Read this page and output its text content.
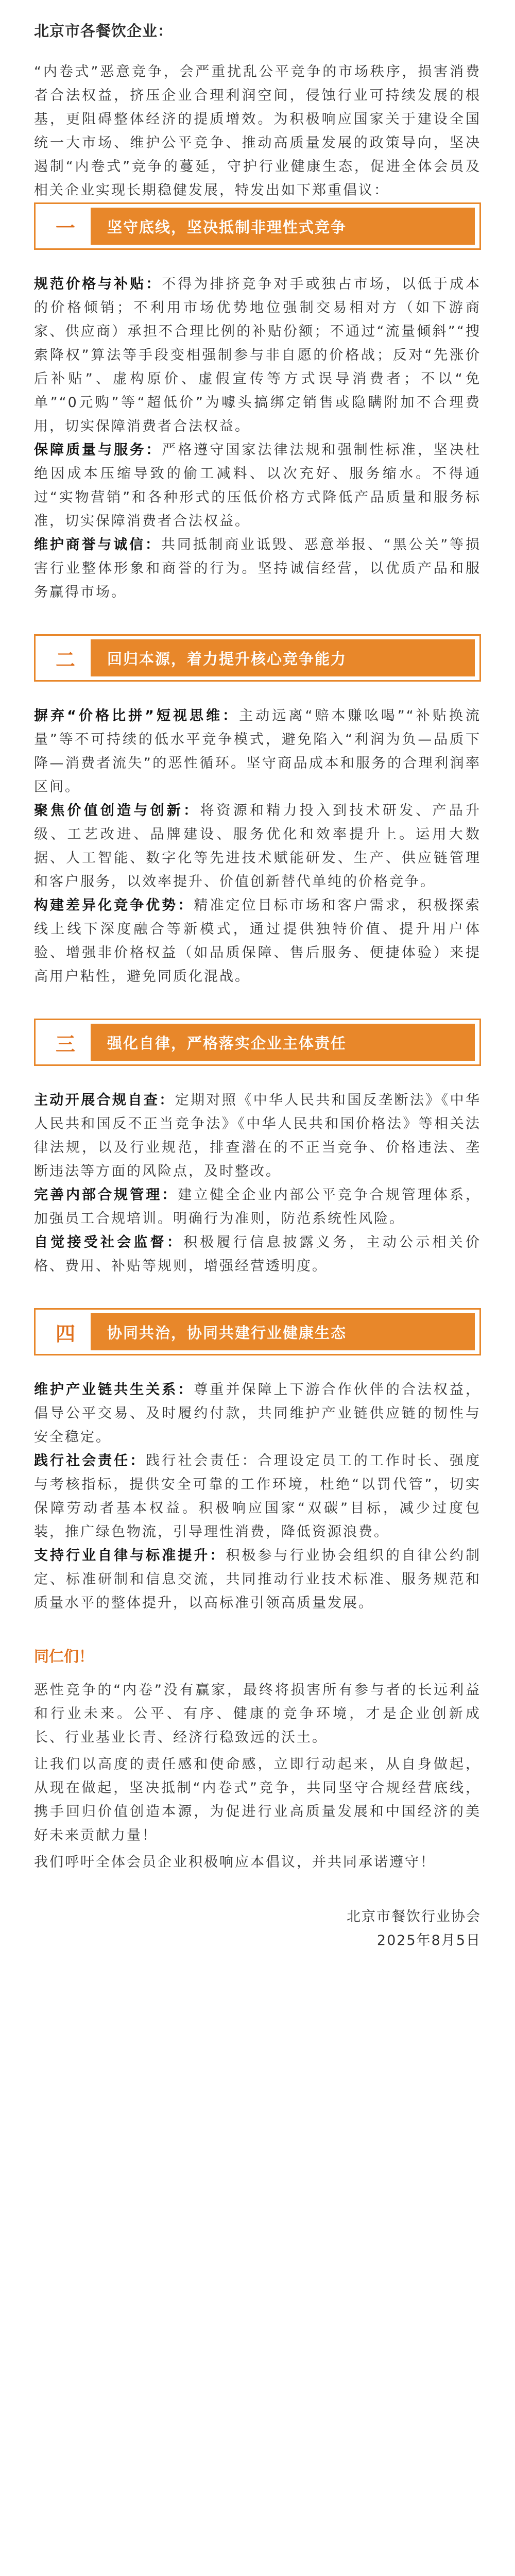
北京市各餐饮企业：

“内卷式”恶意竞争，会严重扰乱公平竞争的市场秩序，损害消费者合法权益，挤压企业合理利润空间，侵蚀行业可持续发展的根基，更阻碍整体经济的提质增效。为积极响应国家关于建设全国统一大市场、维护公平竞争、推动高质量发展的政策导向，坚决遏制“内卷式”竞争的蔓延，守护行业健康生态，促进全体会员及相关企业实现长期稳健发展，特发出如下郑重倡议：

一	坚守底线，坚决抵制非理性式竞争

规范价格与补贴：不得为排挤竞争对手或独占市场，以低于成本的价格倾销；不利用市场优势地位强制交易相对方（如下游商家、供应商）承担不合理比例的补贴份额；不通过“流量倾斜”“搜索降权”算法等手段变相强制参与非自愿的价格战；反对“先涨价后补贴”、虚构原价、虚假宣传等方式误导消费者；不以“免单”“0元购”等“超低价”为噱头搞绑定销售或隐瞒附加不合理费用，切实保障消费者合法权益。

保障质量与服务：严格遵守国家法律法规和强制性标准，坚决杜绝因成本压缩导致的偷工减料、以次充好、服务缩水。不得通过“实物营销”和各种形式的压低价格方式降低产品质量和服务标准，切实保障消费者合法权益。

维护商誉与诚信：共同抵制商业诋毁、恶意举报、“黑公关”等损害行业整体形象和商誉的行为。坚持诚信经营，以优质产品和服务赢得市场。

二	回归本源，着力提升核心竞争能力

摒弃“价格比拼”短视思维：主动远离“赔本赚吆喝”“补贴换流量”等不可持续的低水平竞争模式，避免陷入“利润为负—品质下降—消费者流失”的恶性循环。坚守商品成本和服务的合理利润率区间。

聚焦价值创造与创新：将资源和精力投入到技术研发、产品升级、工艺改进、品牌建设、服务优化和效率提升上。运用大数据、人工智能、数字化等先进技术赋能研发、生产、供应链管理和客户服务，以效率提升、价值创新替代单纯的价格竞争。

构建差异化竞争优势：精准定位目标市场和客户需求，积极探索线上线下深度融合等新模式，通过提供独特价值、提升用户体验、增强非价格权益（如品质保障、售后服务、便捷体验）来提高用户粘性，避免同质化混战。

三	强化自律，严格落实企业主体责任

主动开展合规自查：定期对照《中华人民共和国反垄断法》《中华人民共和国反不正当竞争法》《中华人民共和国价格法》等相关法律法规，以及行业规范，排查潜在的不正当竞争、价格违法、垄断违法等方面的风险点，及时整改。

完善内部合规管理：建立健全企业内部公平竞争合规管理体系，加强员工合规培训。明确行为准则，防范系统性风险。

自觉接受社会监督：积极履行信息披露义务，主动公示相关价格、费用、补贴等规则，增强经营透明度。

四	协同共治，协同共建行业健康生态

维护产业链共生关系：尊重并保障上下游合作伙伴的合法权益，倡导公平交易、及时履约付款，共同维护产业链供应链的韧性与安全稳定。

践行社会责任：践行社会责任：合理设定员工的工作时长、强度与考核指标，提供安全可靠的工作环境，杜绝“以罚代管”，切实保障劳动者基本权益。积极响应国家“双碳”目标，减少过度包装，推广绿色物流，引导理性消费，降低资源浪费。

支持行业自律与标准提升：积极参与行业协会组织的自律公约制定、标准研制和信息交流，共同推动行业技术标准、服务规范和质量水平的整体提升，以高标准引领高质量发展。

同仁们！

恶性竞争的“内卷”没有赢家，最终将损害所有参与者的长远利益和行业未来。公平、有序、健康的竞争环境，才是企业创新成长、行业基业长青、经济行稳致远的沃土。

让我们以高度的责任感和使命感，立即行动起来，从自身做起，从现在做起，坚决抵制“内卷式”竞争，共同坚守合规经营底线，携手回归价值创造本源，为促进行业高质量发展和中国经济的美好未来贡献力量！

我们呼吁全体会员企业积极响应本倡议，并共同承诺遵守！

北京市餐饮行业协会
2025年8月5日
